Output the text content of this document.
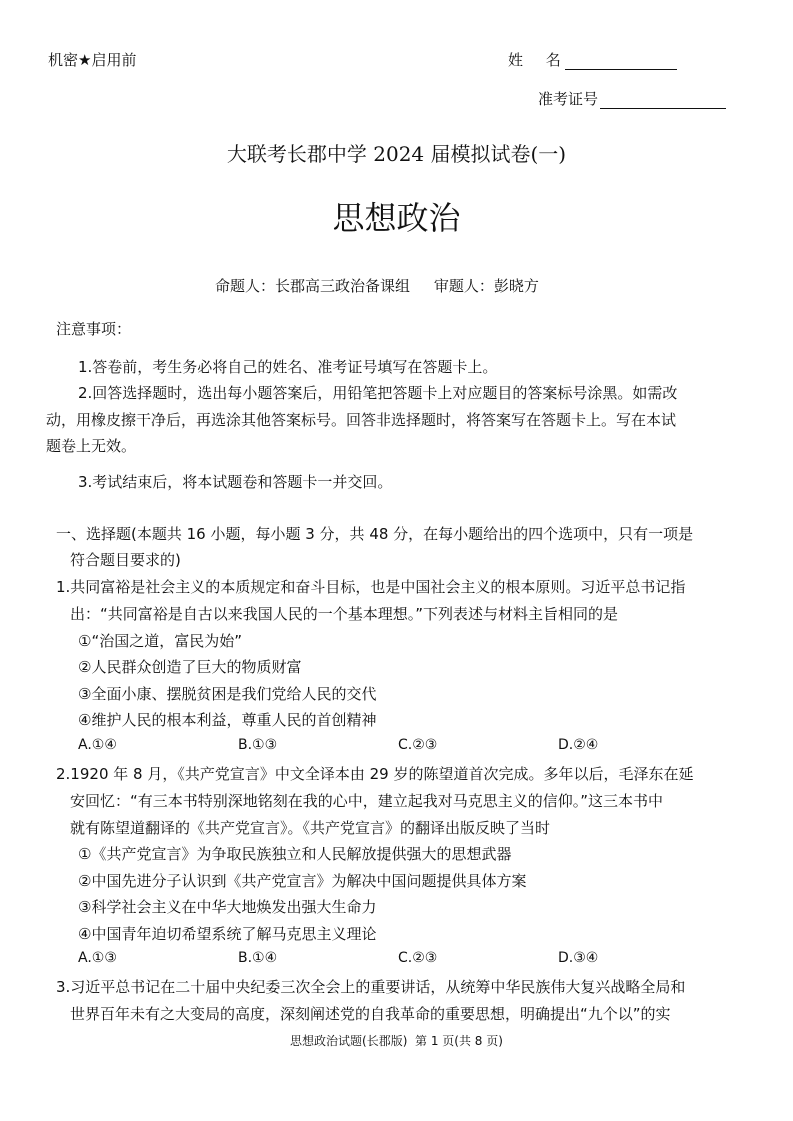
机密★启用前	姓 名
准考证号
大联考长郡中学 2024 届模拟试卷(一)
思想政治
命题人：长郡高三政治备课组     审题人：彭晓方
注意事项：
1.答卷前，考生务必将自己的姓名、准考证号填写在答题卡上。
2.回答选择题时，选出每小题答案后，用铅笔把答题卡上对应题目的答案标号涂黑。如需改
动，用橡皮擦干净后，再选涂其他答案标号。回答非选择题时，将答案写在答题卡上。写在本试
题卷上无效。
3.考试结束后，将本试题卷和答题卡一并交回。
一、选择题(本题共 16 小题，每小题 3 分，共 48 分，在每小题给出的四个选项中，只有一项是
符合题目要求的)
1.共同富裕是社会主义的本质规定和奋斗目标，也是中国社会主义的根本原则。习近平总书记指
出：“共同富裕是自古以来我国人民的一个基本理想。”下列表述与材料主旨相同的是
①“治国之道，富民为始”
②人民群众创造了巨大的物质财富
③全面小康、摆脱贫困是我们党给人民的交代
④维护人民的根本利益，尊重人民的首创精神
A.①④	B.①③	C.②③	D.②④
2.1920 年 8 月，《共产党宣言》中文全译本由 29 岁的陈望道首次完成。多年以后，毛泽东在延
安回忆：“有三本书特别深地铭刻在我的心中，建立起我对马克思主义的信仰。”这三本书中
就有陈望道翻译的《共产党宣言》。《共产党宣言》的翻译出版反映了当时
①《共产党宣言》为争取民族独立和人民解放提供强大的思想武器
②中国先进分子认识到《共产党宣言》为解决中国问题提供具体方案
③科学社会主义在中华大地焕发出强大生命力
④中国青年迫切希望系统了解马克思主义理论
A.①③	B.①④	C.②③	D.③④
3.习近平总书记在二十届中央纪委三次全会上的重要讲话，从统筹中华民族伟大复兴战略全局和
世界百年未有之大变局的高度，深刻阐述党的自我革命的重要思想，明确提出“九个以”的实
思想政治试题(长郡版)  第 1 页(共 8 页)
